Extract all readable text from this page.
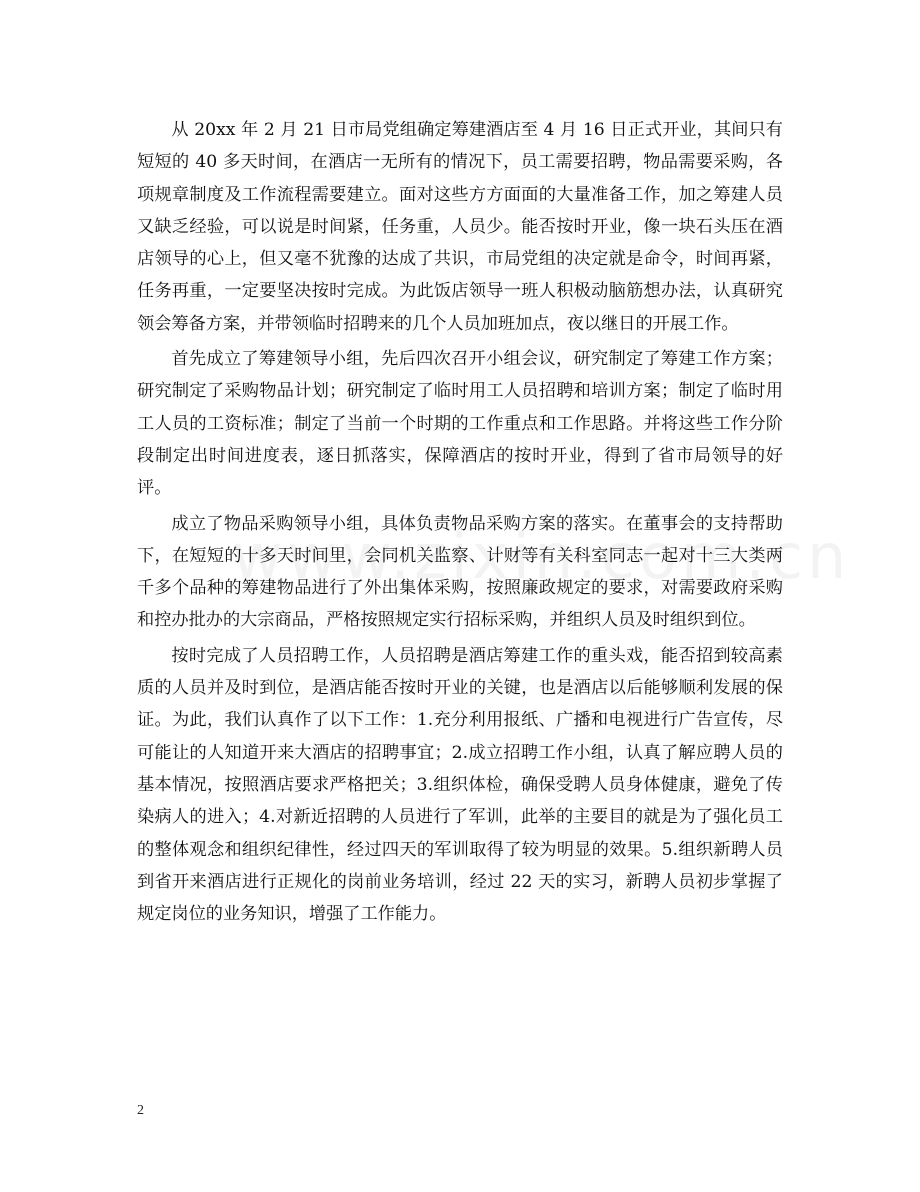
从 20xx 年 2 月 21 日市局党组确定筹建酒店至 4 月 16 日正式开业，其间只有短短的 40 多天时间，在酒店一无所有的情况下，员工需要招聘，物品需要采购，各项规章制度及工作流程需要建立。面对这些方方面面的大量准备工作，加之筹建人员又缺乏经验，可以说是时间紧，任务重，人员少。能否按时开业，像一块石头压在酒店领导的心上，但又毫不犹豫的达成了共识，市局党组的决定就是命令，时间再紧，任务再重，一定要坚决按时完成。为此饭店领导一班人积极动脑筋想办法，认真研究领会筹备方案，并带领临时招聘来的几个人员加班加点，夜以继日的开展工作。

首先成立了筹建领导小组，先后四次召开小组会议，研究制定了筹建工作方案；研究制定了采购物品计划；研究制定了临时用工人员招聘和培训方案；制定了临时用工人员的工资标准；制定了当前一个时期的工作重点和工作思路。并将这些工作分阶段制定出时间进度表，逐日抓落实，保障酒店的按时开业，得到了省市局领导的好评。

成立了物品采购领导小组，具体负责物品采购方案的落实。在董事会的支持帮助下，在短短的十多天时间里，会同机关监察、计财等有关科室同志一起对十三大类两千多个品种的筹建物品进行了外出集体采购，按照廉政规定的要求，对需要政府采购和控办批办的大宗商品，严格按照规定实行招标采购，并组织人员及时组织到位。

按时完成了人员招聘工作，人员招聘是酒店筹建工作的重头戏，能否招到较高素质的人员并及时到位，是酒店能否按时开业的关键，也是酒店以后能够顺利发展的保证。为此，我们认真作了以下工作：1.充分利用报纸、广播和电视进行广告宣传，尽可能让的人知道开来大酒店的招聘事宜；2.成立招聘工作小组，认真了解应聘人员的基本情况，按照酒店要求严格把关；3.组织体检，确保受聘人员身体健康，避免了传染病人的进入；4.对新近招聘的人员进行了军训，此举的主要目的就是为了强化员工的整体观念和组织纪律性，经过四天的军训取得了较为明显的效果。5.组织新聘人员到省开来酒店进行正规化的岗前业务培训，经过 22 天的实习，新聘人员初步掌握了规定岗位的业务知识，增强了工作能力。

2
